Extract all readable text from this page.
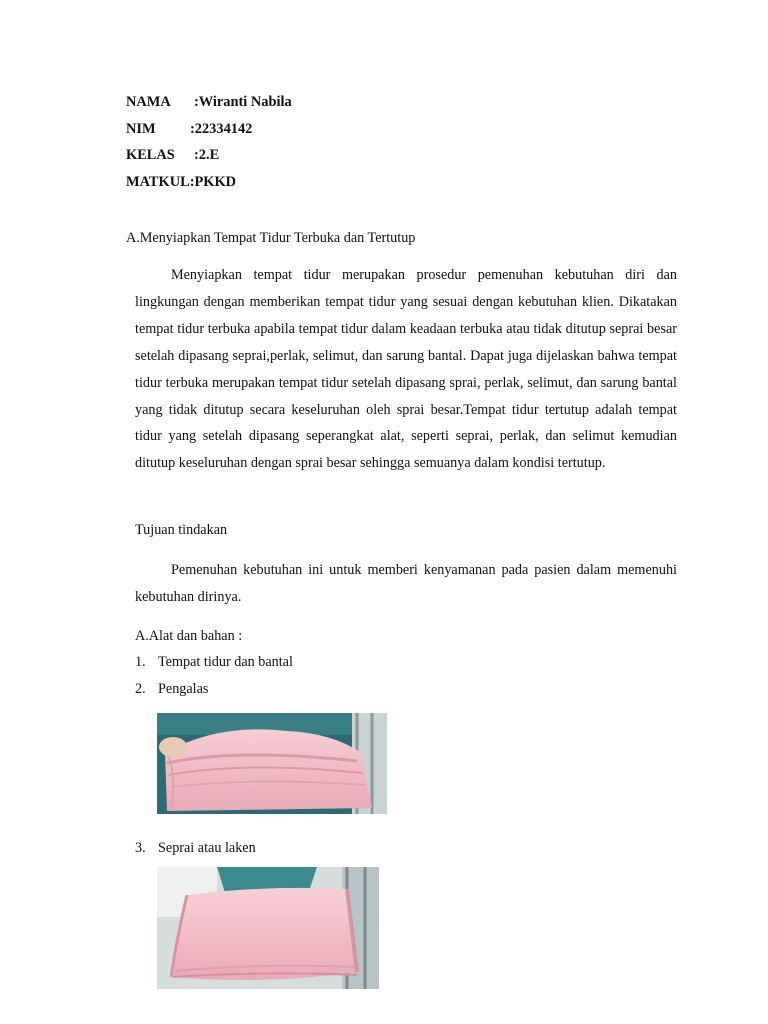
NAMA :Wiranti Nabila
NIM :22334142
KELAS :2.E
MATKUL:PKKD
A.Menyiapkan Tempat Tidur Terbuka dan Tertutup

Menyiapkan tempat tidur merupakan prosedur pemenuhan kebutuhan diri dan lingkungan dengan memberikan tempat tidur yang sesuai dengan kebutuhan klien. Dikatakan tempat tidur terbuka apabila tempat tidur dalam keadaan terbuka atau tidak ditutup seprai besar setelah dipasang seprai,perlak, selimut, dan sarung bantal. Dapat juga dijelaskan bahwa tempat tidur terbuka merupakan tempat tidur setelah dipasang sprai, perlak, selimut, dan sarung bantal yang tidak ditutup secara keseluruhan oleh sprai besar.Tempat tidur tertutup adalah tempat tidur yang setelah dipasang seperangkat alat, seperti seprai, perlak, dan selimut kemudian ditutup keseluruhan dengan sprai besar sehingga semuanya dalam kondisi tertutup.

Tujuan tindakan

Pemenuhan kebutuhan ini untuk memberi kenyamanan pada pasien dalam memenuhi kebutuhan dirinya.

A.Alat dan bahan :
1. Tempat tidur dan bantal
2. Pengalas
3. Seprai atau laken
